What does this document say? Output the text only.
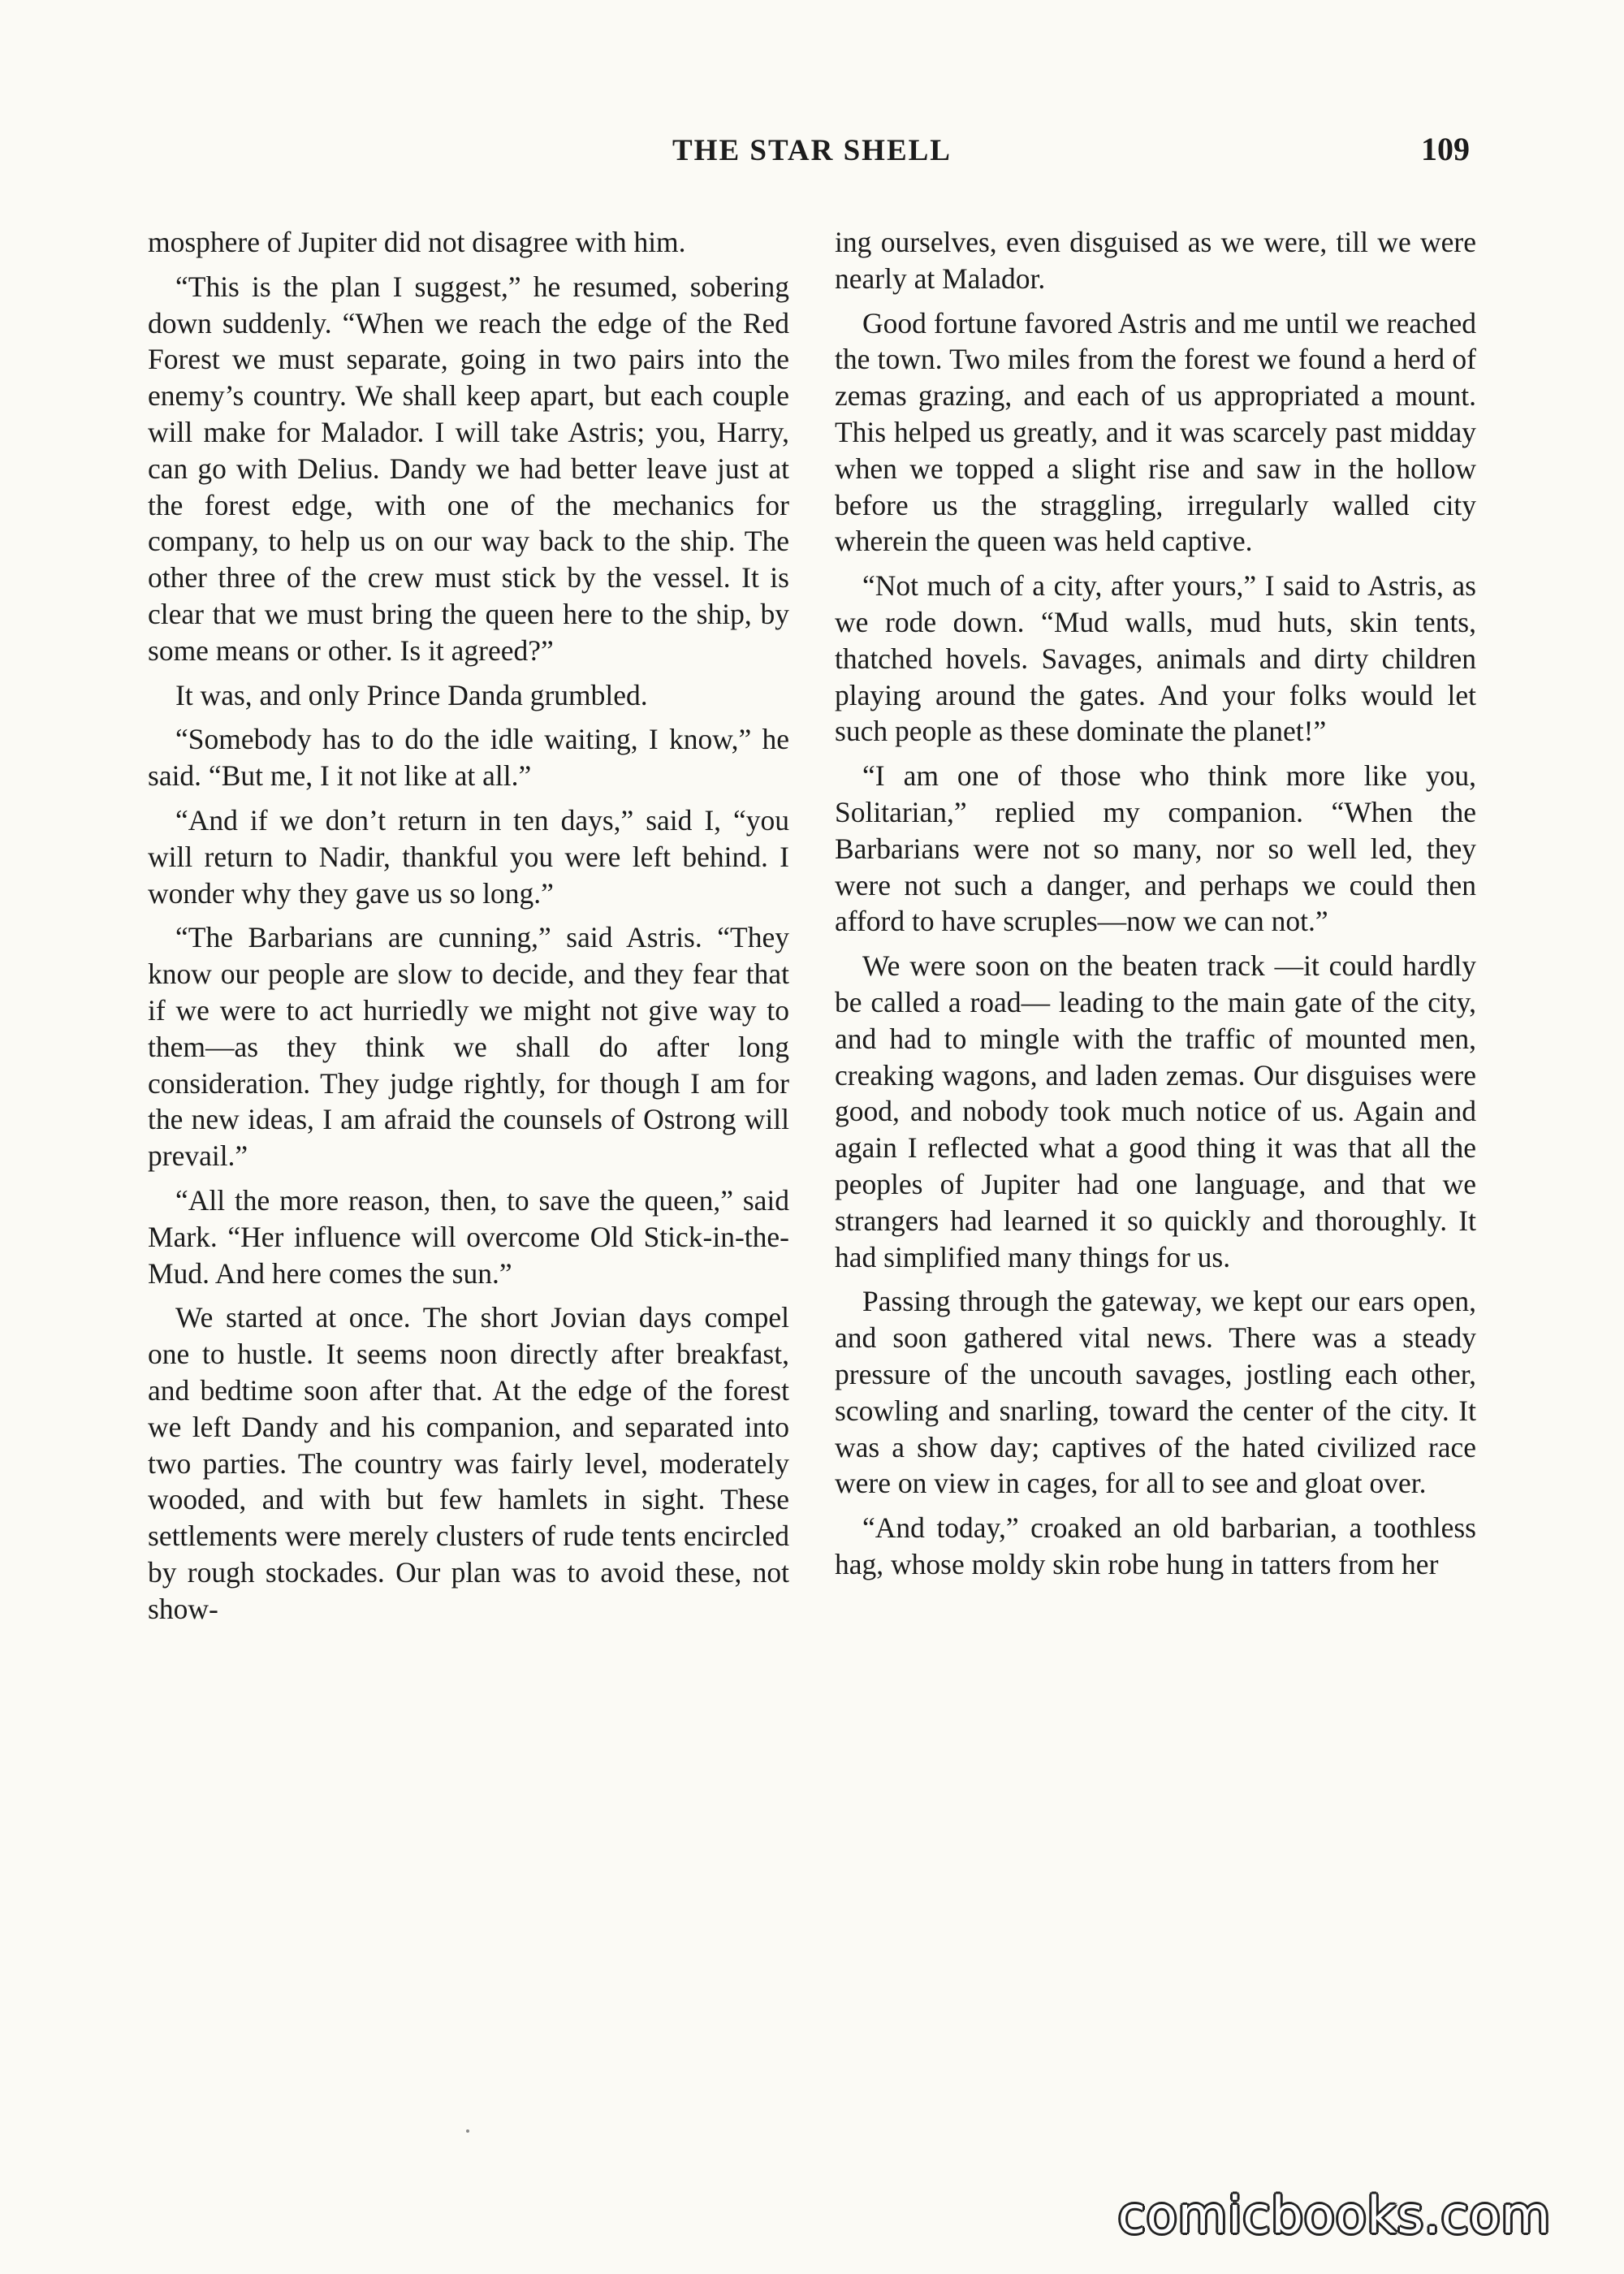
THE STAR SHELL	109

mosphere of Jupiter did not disagree with him.

“This is the plan I suggest,” he resumed, sobering down suddenly. “When we reach the edge of the Red Forest we must separate, going in two pairs into the enemy’s country. We shall keep apart, but each couple will make for Malador. I will take Astris; you, Harry, can go with Delius. Dandy we had better leave just at the forest edge, with one of the mechanics for company, to help us on our way back to the ship. The other three of the crew must stick by the vessel. It is clear that we must bring the queen here to the ship, by some means or other. Is it agreed?”

It was, and only Prince Danda grumbled.

“Somebody has to do the idle waiting, I know,” he said. “But me, I it not like at all.”

“And if we don’t return in ten days,” said I, “you will return to Nadir, thankful you were left behind. I wonder why they gave us so long.”

“The Barbarians are cunning,” said Astris. “They know our people are slow to decide, and they fear that if we were to act hurriedly we might not give way to them—as they think we shall do after long consideration. They judge rightly, for though I am for the new ideas, I am afraid the counsels of Ostrong will prevail.”

“All the more reason, then, to save the queen,” said Mark. “Her influence will overcome Old Stick-in-the-Mud. And here comes the sun.”

We started at once. The short Jovian days compel one to hustle. It seems noon directly after breakfast, and bedtime soon after that. At the edge of the forest we left Dandy and his companion, and separated into two parties. The country was fairly level, moderately wooded, and with but few hamlets in sight. These settlements were merely clusters of rude tents encircled by rough stockades. Our plan was to avoid these, not show-

ing ourselves, even disguised as we were, till we were nearly at Malador.

Good fortune favored Astris and me until we reached the town. Two miles from the forest we found a herd of zemas grazing, and each of us appropriated a mount. This helped us greatly, and it was scarcely past midday when we topped a slight rise and saw in the hollow before us the straggling, irregularly walled city wherein the queen was held captive.

“Not much of a city, after yours,” I said to Astris, as we rode down. “Mud walls, mud huts, skin tents, thatched hovels. Savages, animals and dirty children playing around the gates. And your folks would let such people as these dominate the planet!”

“I am one of those who think more like you, Solitarian,” replied my companion. “When the Barbarians were not so many, nor so well led, they were not such a danger, and perhaps we could then afford to have scruples—now we can not.”

We were soon on the beaten track —it could hardly be called a road— leading to the main gate of the city, and had to mingle with the traffic of mounted men, creaking wagons, and laden zemas. Our disguises were good, and nobody took much notice of us. Again and again I reflected what a good thing it was that all the peoples of Jupiter had one language, and that we strangers had learned it so quickly and thoroughly. It had simplified many things for us.

Passing through the gateway, we kept our ears open, and soon gathered vital news. There was a steady pressure of the uncouth savages, jostling each other, scowling and snarling, toward the center of the city. It was a show day; captives of the hated civilized race were on view in cages, for all to see and gloat over.

“And today,” croaked an old barbarian, a toothless hag, whose moldy skin robe hung in tatters from her

comicbooks.com
